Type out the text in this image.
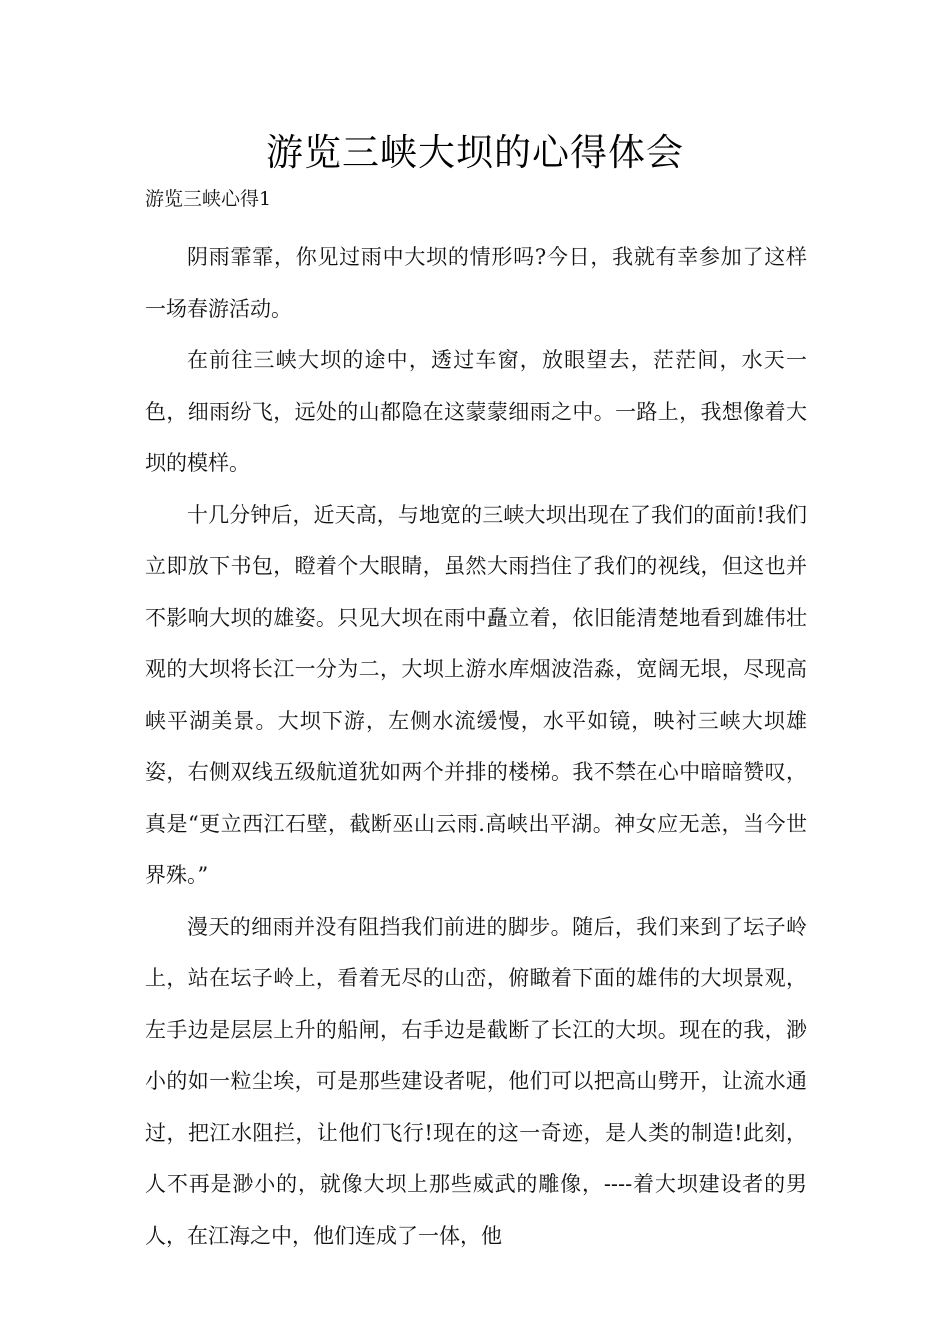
游览三峡大坝的心得体会
游览三峡心得1

阴雨霏霏，你见过雨中大坝的情形吗?今日，我就有幸参加了这样一场春游活动。

在前往三峡大坝的途中，透过车窗，放眼望去，茫茫间，水天一色，细雨纷飞，远处的山都隐在这蒙蒙细雨之中。一路上，我想像着大坝的模样。

十几分钟后，近天高，与地宽的三峡大坝出现在了我们的面前!我们立即放下书包，瞪着个大眼睛，虽然大雨挡住了我们的视线，但这也并不影响大坝的雄姿。只见大坝在雨中矗立着，依旧能清楚地看到雄伟壮观的大坝将长江一分为二，大坝上游水库烟波浩淼，宽阔无垠，尽现高峡平湖美景。大坝下游，左侧水流缓慢，水平如镜，映衬三峡大坝雄姿，右侧双线五级航道犹如两个并排的楼梯。我不禁在心中暗暗赞叹，真是“更立西江石壁，截断巫山云雨.高峡出平湖。神女应无恙，当今世界殊。”

漫天的细雨并没有阻挡我们前进的脚步。随后，我们来到了坛子岭上，站在坛子岭上，看着无尽的山峦，俯瞰着下面的雄伟的大坝景观，左手边是层层上升的船闸，右手边是截断了长江的大坝。现在的我，渺小的如一粒尘埃，可是那些建设者呢，他们可以把高山劈开，让流水通过，把江水阻拦，让他们飞行!现在的这一奇迹，是人类的制造!此刻，人不再是渺小的，就像大坝上那些威武的雕像，----着大坝建设者的男人，在江海之中，他们连成了一体，他
